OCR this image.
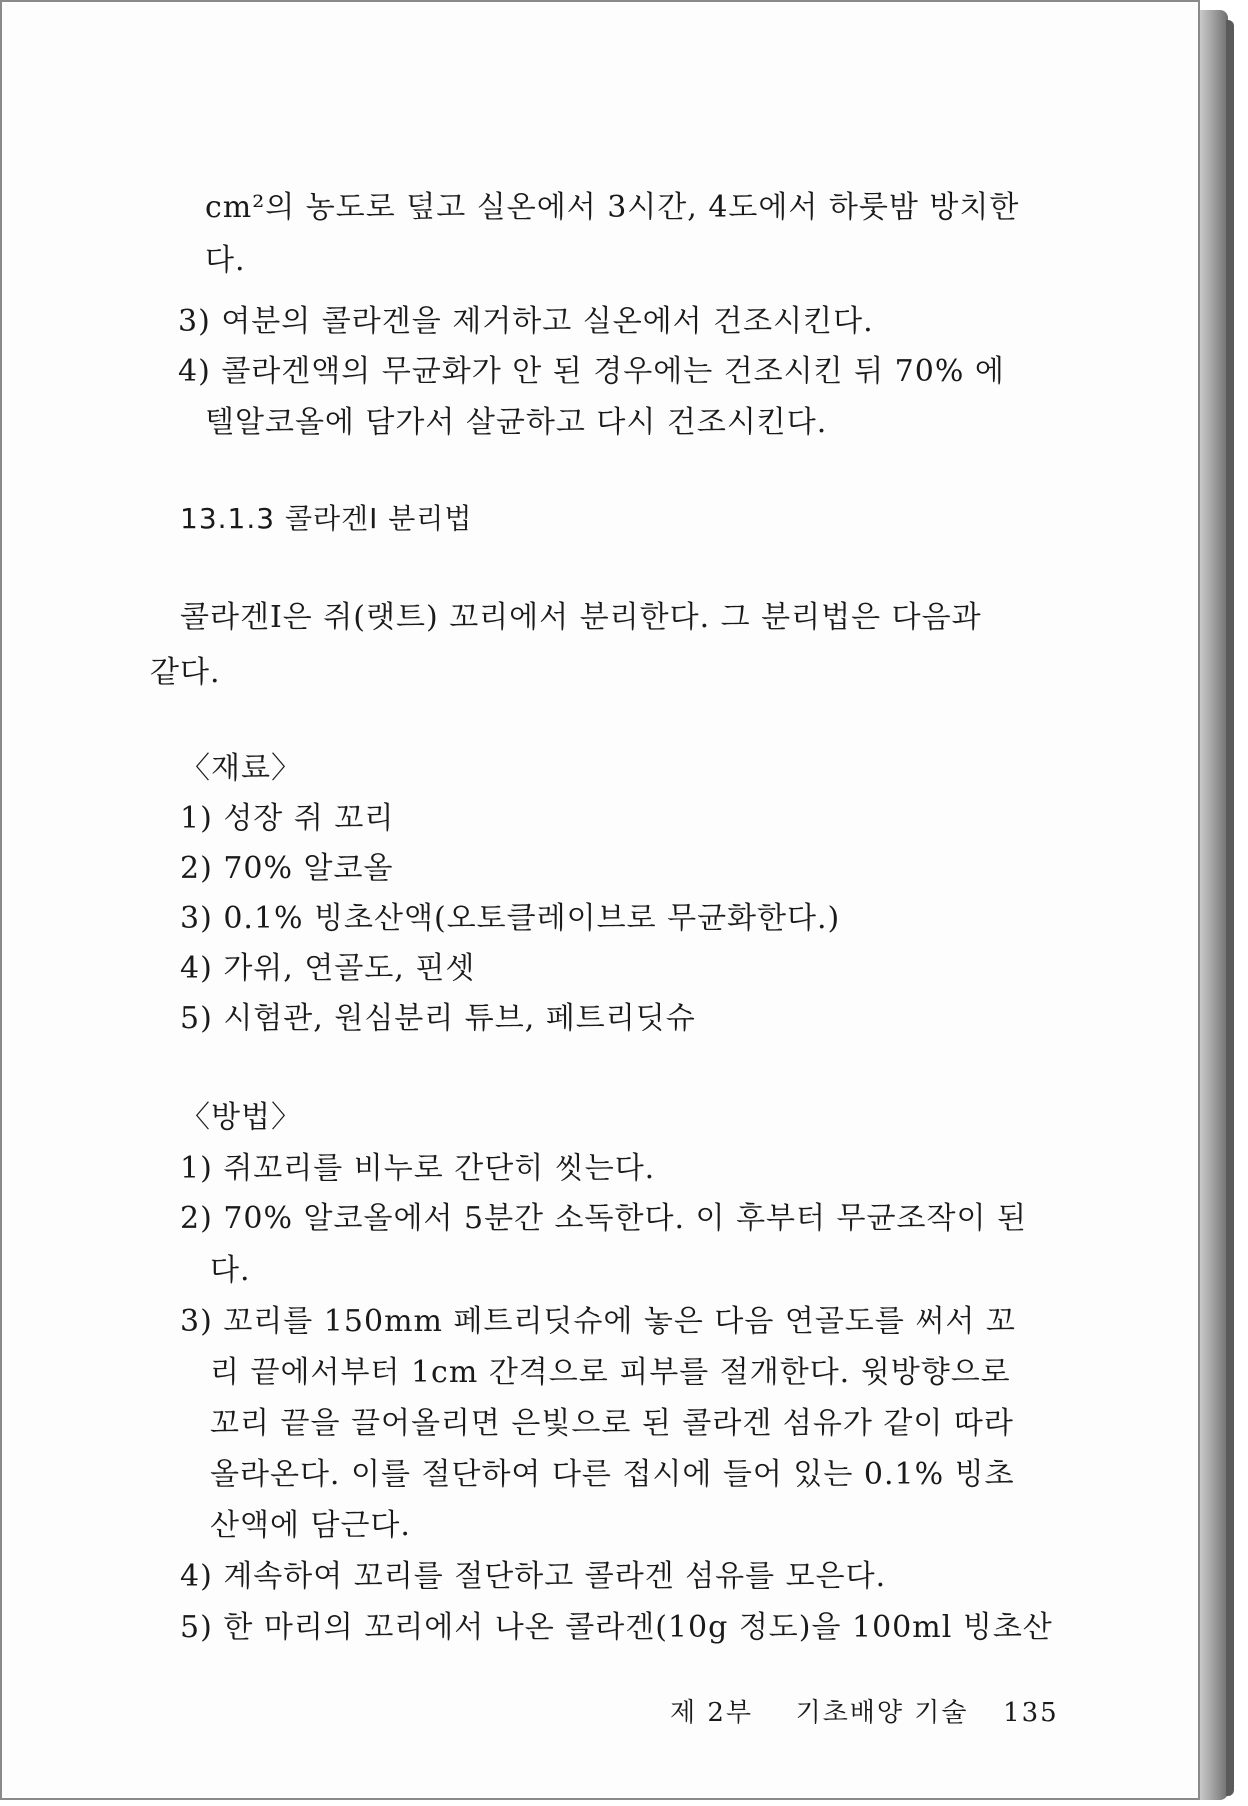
cm²의 농도로 덮고 실온에서 3시간, 4도에서 하룻밤 방치한
다.
3) 여분의 콜라겐을 제거하고 실온에서 건조시킨다.
4) 콜라겐액의 무균화가 안 된 경우에는 건조시킨 뒤 70% 에
텔알코올에 담가서 살균하고 다시 건조시킨다.
13.1.3 콜라겐I 분리법
콜라겐I은 쥐(랫트) 꼬리에서 분리한다. 그 분리법은 다음과
같다.
〈재료〉
1) 성장 쥐 꼬리
2) 70% 알코올
3) 0.1% 빙초산액(오토클레이브로 무균화한다.)
4) 가위, 연골도, 핀셋
5) 시험관, 원심분리 튜브, 페트리딧슈
〈방법〉
1) 쥐꼬리를 비누로 간단히 씻는다.
2) 70% 알코올에서 5분간 소독한다. 이 후부터 무균조작이 된
다.
3) 꼬리를 150mm 페트리딧슈에 놓은 다음 연골도를 써서 꼬
리 끝에서부터 1cm 간격으로 피부를 절개한다. 윗방향으로
꼬리 끝을 끌어올리면 은빛으로 된 콜라겐 섬유가 같이 따라
올라온다. 이를 절단하여 다른 접시에 들어 있는 0.1% 빙초
산액에 담근다.
4) 계속하여 꼬리를 절단하고 콜라겐 섬유를 모은다.
5) 한 마리의 꼬리에서 나온 콜라겐(10g 정도)을 100ml 빙초산
제 2부 기초배양 기술 135
